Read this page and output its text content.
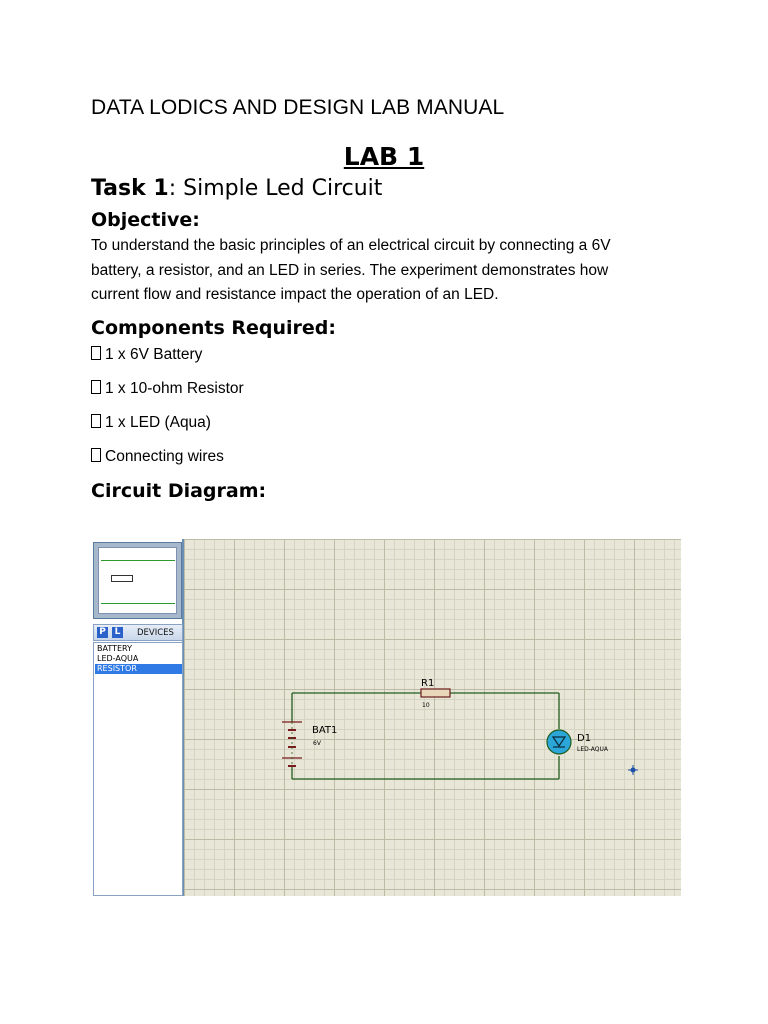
DATA LODICS AND DESIGN LAB MANUAL
LAB 1
Task 1: Simple Led Circuit
Objective:
To understand the basic principles of an electrical circuit by connecting a 6V
battery, a resistor, and an LED in series. The experiment demonstrates how
current flow and resistance impact the operation of an LED.
Components Required:
1 x 6V Battery
1 x 10-ohm Resistor
1 x LED (Aqua)
Connecting wires
Circuit Diagram:
P L	DEVICES
BATTERY
LED-AQUA
RESISTOR
R1
10
BAT1
6V	D1
LED-AQUA
